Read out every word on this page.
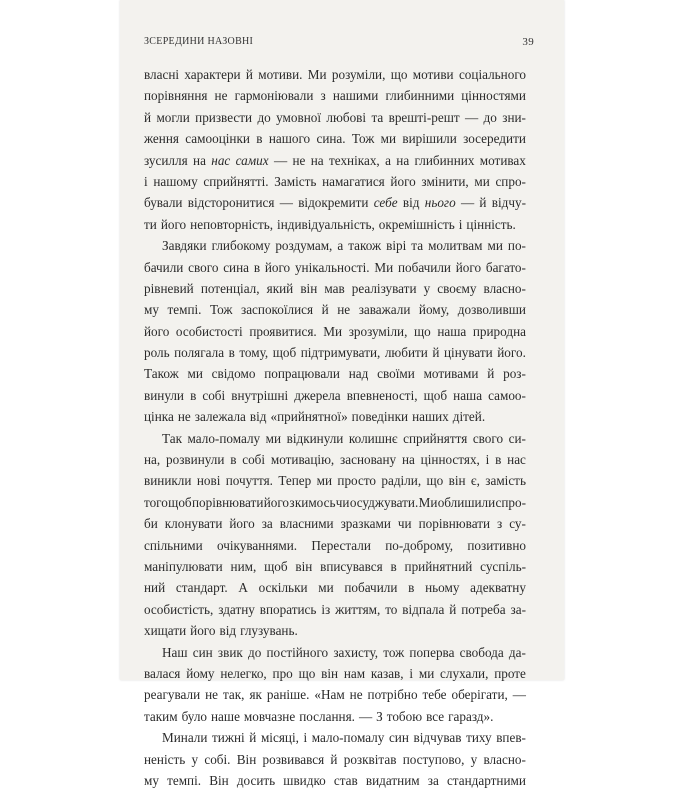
ЗСЕРЕДИНИ НАЗОВНІ	39
власні характери й мотиви. Ми розуміли, що мотиви соціального
порівняння не гармоніювали з нашими глибинними цінностями
й могли призвести до умовної любові та врешті-решт — до зни-
ження самооцінки в нашого сина. Тож ми вирішили зосередити
зусилля на нас самих — не на техніках, а на глибинних мотивах
і нашому сприйнятті. Замість намагатися його змінити, ми спро-
бували відсторонитися — відокремити себе від нього — й відчу-
ти його неповторність, індивідуальність, окремішність і цінність.
Завдяки глибокому роздумам, а також вірі та молитвам ми по-
бачили свого сина в його унікальності. Ми побачили його багато-
рівневий потенціал, який він мав реалізувати у своєму власно-
му темпі. Тож заспокоїлися й не заважали йому, дозволивши
його особистості проявитися. Ми зрозуміли, що наша природна
роль полягала в тому, щоб підтримувати, любити й цінувати його.
Також ми свідомо попрацювали над своїми мотивами й роз-
винули в собі внутрішні джерела впевненості, щоб наша самоо-
цінка не залежала від «прийнятної» поведінки наших дітей.
Так мало-помалу ми відкинули колишнє сприйняття свого си-
на, розвинули в собі мотивацію, засновану на цінностях, і в нас
виникли нові почуття. Тепер ми просто раділи, що він є, замість
того щоб порівнювати його з кимось чи осуджувати. Ми облишили спро-
би клонувати його за власними зразками чи порівнювати з су-
спільними очікуваннями. Перестали по-доброму, позитивно
маніпулювати ним, щоб він вписувався в прийнятний суспіль-
ний стандарт. А оскільки ми побачили в ньому адекватну
особистість, здатну впоратись із життям, то відпала й потреба за-
хищати його від глузувань.
Наш син звик до постійного захисту, тож поперва свобода да-
валася йому нелегко, про що він нам казав, і ми слухали, проте
реагували не так, як раніше. «Нам не потрібно тебе оберігати, —
таким було наше мовчазне послання. — З тобою все гаразд».
Минали тижні й місяці, і мало-помалу син відчував тиху впев-
неність у собі. Він розвивався й розквітав поступово, у власно-
му темпі. Він досить швидко став видатним за стандартними
